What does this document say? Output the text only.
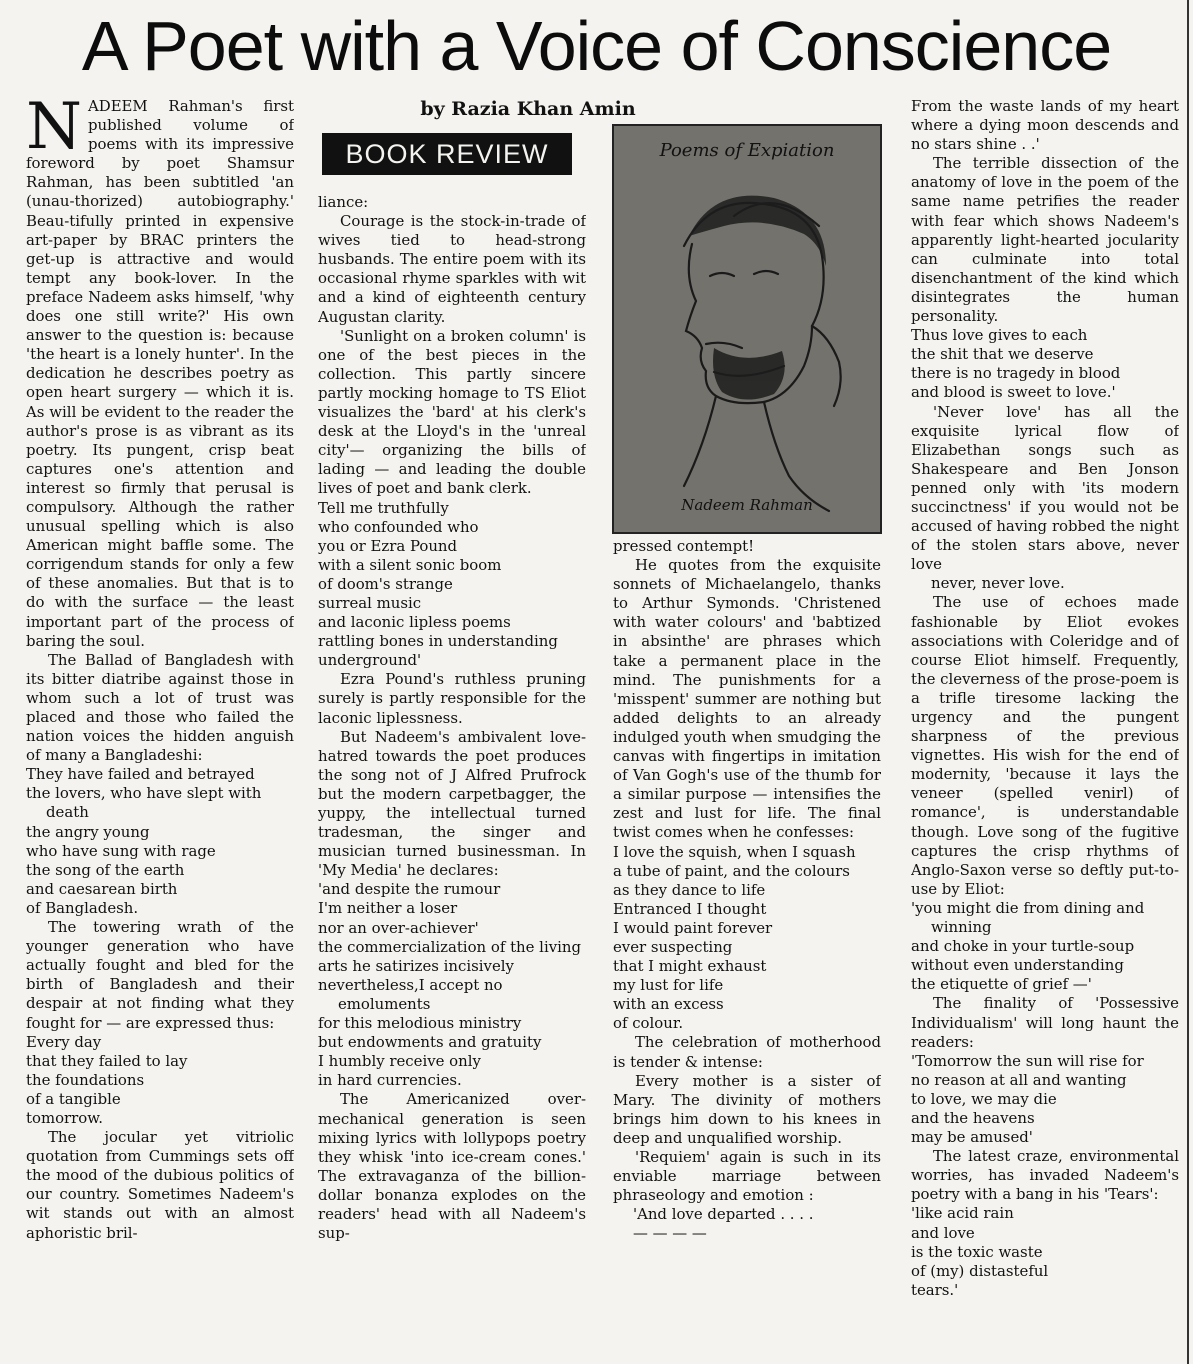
A Poet with a Voice of Conscience

NADEEM Rahman's first published volume of poems with its impressive foreword by poet Shamsur Rahman, has been subtitled 'an (unau-thorized) autobiography.' Beau-tifully printed in expensive art-paper by BRAC printers the get-up is attractive and would tempt any book-lover. In the preface Nadeem asks himself, 'why does one still write?' His own answer to the question is: because 'the heart is a lonely hunter'. In the dedication he describes poetry as open heart surgery — which it is. As will be evident to the reader the author's prose is as vibrant as its poetry. Its pungent, crisp beat captures one's attention and interest so firmly that perusal is compulsory. Although the rather unusual spelling which is also American might baffle some. The corrigendum stands for only a few of these anomalies. But that is to do with the surface — the least important part of the process of baring the soul.

The Ballad of Bangladesh with its bitter diatribe against those in whom such a lot of trust was placed and those who failed the nation voices the hidden anguish of many a Bangladeshi:

They have failed and betrayed
the lovers, who have slept with death
the angry young
who have sung with rage
the song of the earth
and caesarean birth
of Bangladesh.

The towering wrath of the younger generation who have actually fought and bled for the birth of Bangladesh and their despair at not finding what they fought for — are expressed thus:

Every day
that they failed to lay
the foundations
of a tangible
tomorrow.

The jocular yet vitriolic quotation from Cummings sets off the mood of the dubious politics of our country. Sometimes Nadeem's wit stands out with an almost aphoristic bril-

by Razia Khan Amin
BOOK REVIEW

liance:

Courage is the stock-in-trade of wives tied to head-strong husbands. The entire poem with its occasional rhyme sparkles with wit and a kind of eighteenth century Augustan clarity.

'Sunlight on a broken column' is one of the best pieces in the collection. This partly sincere partly mocking homage to TS Eliot visualizes the 'bard' at his clerk's desk at the Lloyd's in the 'unreal city'— organizing the bills of lading — and leading the double lives of poet and bank clerk.

Tell me truthfully
who confounded who
you or Ezra Pound
with a silent sonic boom
of doom's strange
surreal music
and laconic lipless poems
rattling bones in understanding
underground'

Ezra Pound's ruthless pruning surely is partly responsible for the laconic liplessness.

But Nadeem's ambivalent love-hatred towards the poet produces the song not of J Alfred Prufrock but the modern carpetbagger, the yuppy, the intellectual turned tradesman, the singer and musician turned businessman. In 'My Media' he declares:

'and despite the rumour
I'm neither a loser
nor an over-achiever'
the commercialization of the living
arts he satirizes incisively
nevertheless,I accept no emoluments
for this melodious ministry
but endowments and gratuity
I humbly receive only
in hard currencies.

The Americanized over-mechanical generation is seen mixing lyrics with lollypops poetry they whisk 'into ice-cream cones.' The extravaganza of the billion-dollar bonanza explodes on the readers' head with all Nadeem's sup-

Poems of Expiation
Nadeem Rahman

pressed contempt!

He quotes from the exquisite sonnets of Michaelangelo, thanks to Arthur Symonds. 'Christened with water colours' and 'babtized in absinthe' are phrases which take a permanent place in the mind. The punishments for a 'misspent' summer are nothing but added delights to an already indulged youth when smudging the canvas with fingertips in imitation of Van Gogh's use of the thumb for a similar purpose — intensifies the zest and lust for life. The final twist comes when he confesses:

I love the squish, when I squash
a tube of paint, and the colours
as they dance to life
Entranced I thought
I would paint forever
ever suspecting
that I might exhaust
my lust for life
with an excess
of colour.

The celebration of motherhood is tender & intense:

Every mother is a sister of Mary. The divinity of mothers brings him down to his knees in deep and unqualified worship.

'Requiem' again is such in its enviable marriage between phraseology and emotion :

'And love departed . . . .
— — — —

From the waste lands of my heart where a dying moon descends and no stars shine . .'

The terrible dissection of the anatomy of love in the poem of the same name petrifies the reader with fear which shows Nadeem's apparently light-hearted jocularity can culminate into total disenchantment of the kind which disintegrates the human personality.

Thus love gives to each
the shit that we deserve
there is no tragedy in blood
and blood is sweet to love.'

'Never love' has all the exquisite lyrical flow of Elizabethan songs such as Shakespeare and Ben Jonson penned only with 'its modern succinctness' if you would not be accused of having robbed the night of the stolen stars above, never love

never, never love.

The use of echoes made fashionable by Eliot evokes associations with Coleridge and of course Eliot himself. Frequently, the cleverness of the prose-poem is a trifle tiresome lacking the urgency and the pungent sharpness of the previous vignettes. His wish for the end of modernity, 'because it lays the veneer (spelled venirl) of romance', is understandable though. Love song of the fugitive captures the crisp rhythms of Anglo-Saxon verse so deftly put-to-use by Eliot:

'you might die from dining and winning
and choke in your turtle-soup
without even understanding
the etiquette of grief —'

The finality of 'Possessive Individualism' will long haunt the readers:

'Tomorrow the sun will rise for
no reason at all and wanting
to love, we may die
and the heavens
may be amused'

The latest craze, environmental worries, has invaded Nadeem's poetry with a bang in his 'Tears':

'like acid rain
and love
is the toxic waste
of (my) distasteful
tears.'
